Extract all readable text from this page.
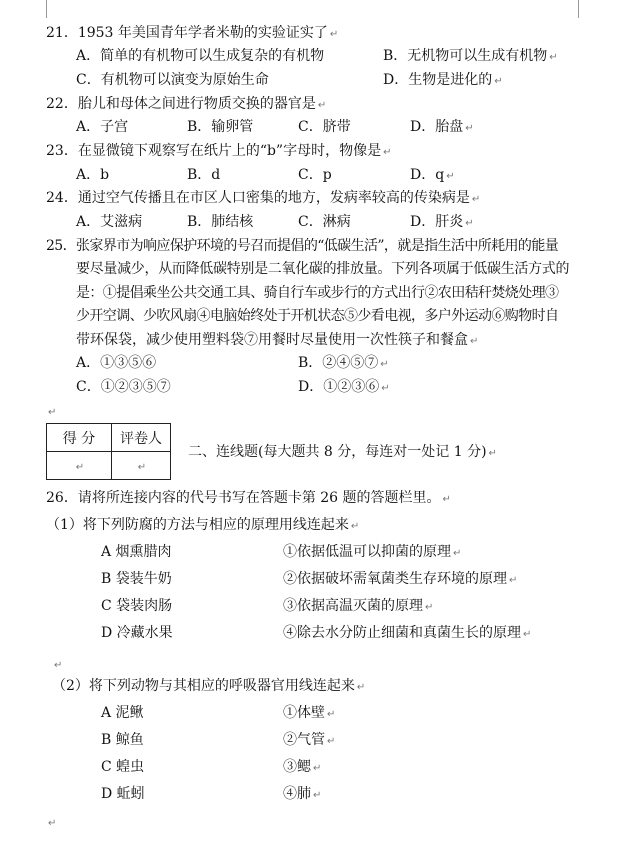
21．1953 年美国青年学者米勒的实验证实了 ↵
A．简单的有机物可以生成复杂的有机物	B．无机物可以生成有机物 ↵
C．有机物可以演变为原始生命	D．生物是进化的 ↵
22．胎儿和母体之间进行物质交换的器官是 ↵
A．子宫	B．输卵管	C．脐带	D．胎盘 ↵
23．在显微镜下观察写在纸片上的“b”字母时，物像是 ↵
A．b	B．d	C．p	D．q ↵
24．通过空气传播且在市区人口密集的地方，发病率较高的传染病是 ↵
A．艾滋病	B．肺结核	C．淋病	D．肝炎 ↵
25．张家界市为响应保护环境的号召而提倡的“低碳生活”，就是指生活中所耗用的能量
要尽量减少，从而降低碳特别是二氧化碳的排放量。下列各项属于低碳生活方式的
是：①提倡乘坐公共交通工具、骑自行车或步行的方式出行②农田秸秆焚烧处理③
少开空调、少吹风扇④电脑始终处于开机状态⑤少看电视，多户外运动⑥购物时自
带环保袋，减少使用塑料袋⑦用餐时尽量使用一次性筷子和餐盒 ↵
A．①③⑤⑥	B．②④⑤⑦ ↵
C．①②③⑤⑦	D．①②③⑥ ↵
↵
得 分	评卷人
↵	↵
二、连线题(每大题共 8 分，每连对一处记 1 分) ↵
26．请将所连接内容的代号书写在答题卡第 26 题的答题栏里。 ↵
（1）将下列防腐的方法与相应的原理用线连起来 ↵
A 烟熏腊肉	①依据低温可以抑菌的原理 ↵
B 袋装牛奶	②依据破坏需氧菌类生存环境的原理 ↵
C 袋装肉肠	③依据高温灭菌的原理 ↵
D 冷藏水果	④除去水分防止细菌和真菌生长的原理 ↵
↵
（2）将下列动物与其相应的呼吸器官用线连起来 ↵
A 泥鳅	①体壁 ↵
B 鲸鱼	②气管 ↵
C 蝗虫	③鳃 ↵
D 蚯蚓	④肺 ↵
↵
